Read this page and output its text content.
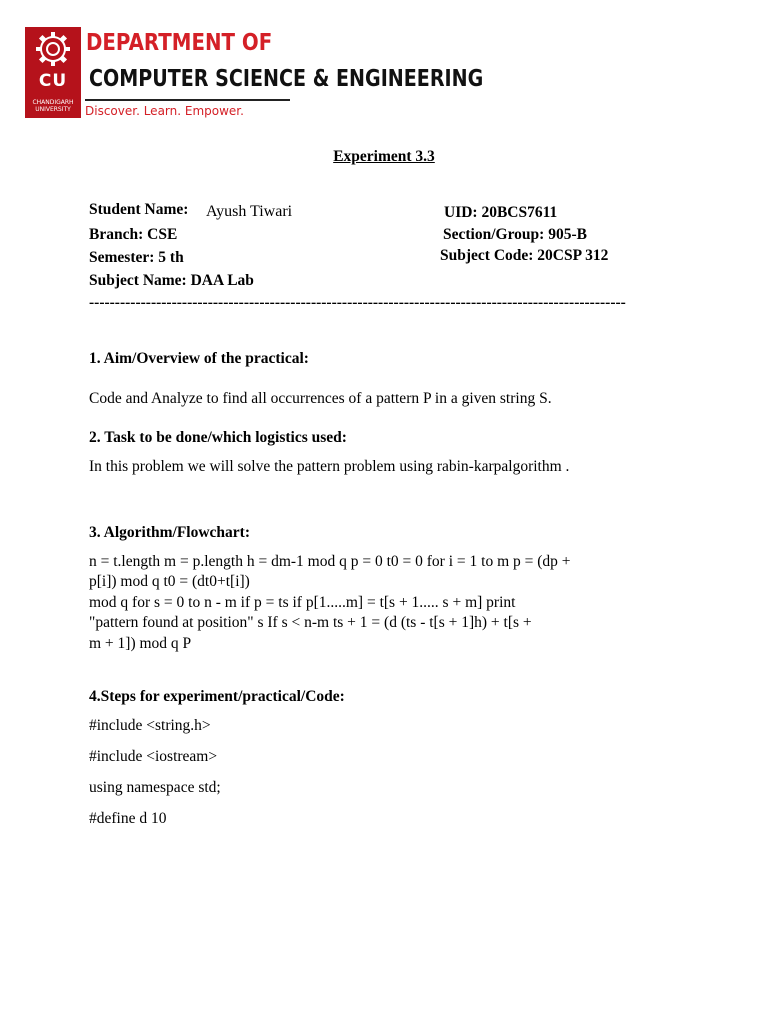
CU
CHANDIGARH UNIVERSITY
DEPARTMENT OF
COMPUTER SCIENCE & ENGINEERING
Discover. Learn. Empower.
Experiment 3.3
Student Name: Ayush Tiwari
Branch: CSE
Semester: 5 th
Subject Name: DAA Lab
UID: 20BCS7611
Section/Group: 905-B
Subject Code: 20CSP 312
--------------------------------------------------------------------------------------------------------
1. Aim/Overview of the practical:
Code and Analyze to find all occurrences of a pattern P in a given string S.
2. Task to be done/which logistics used:
In this problem we will solve the pattern problem using rabin-karpalgorithm .
3. Algorithm/Flowchart:
n = t.length m = p.length h = dm-1 mod q p = 0 t0 = 0 for i = 1 to m p = (dp +
p[i]) mod q t0 = (dt0+t[i])
mod q for s = 0 to n - m if p = ts if p[1.....m] = t[s + 1..... s + m] print
"pattern found at position" s If s < n-m ts + 1 = (d (ts - t[s + 1]h) + t[s +
m + 1]) mod q P
4.Steps for experiment/practical/Code:
#include <string.h>
#include <iostream>
using namespace std;
#define d 10
